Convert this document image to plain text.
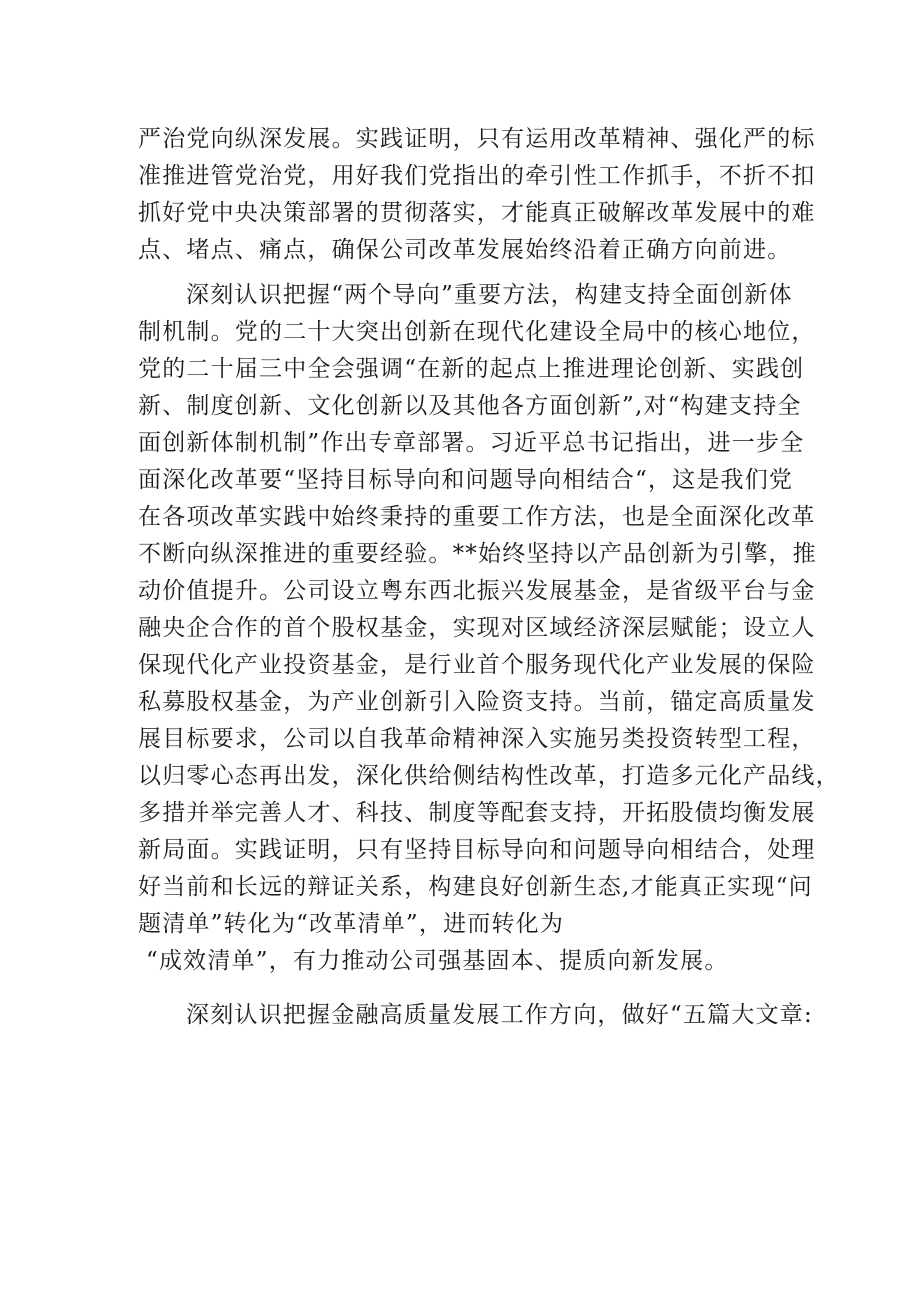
严治党向纵深发展。实践证明，只有运用改革精神、强化严的标
准推进管党治党，用好我们党指出的牵引性工作抓手，不折不扣
抓好党中央决策部署的贯彻落实，才能真正破解改革发展中的难
点、堵点、痛点，确保公司改革发展始终沿着正确方向前进。
深刻认识把握“两个导向”重要方法，构建支持全面创新体
制机制。党的二十大突出创新在现代化建设全局中的核心地位，
党的二十届三中全会强调“在新的起点上推进理论创新、实践创
新、制度创新、文化创新以及其他各方面创新”,对“构建支持全
面创新体制机制”作出专章部署。习近平总书记指出，进一步全
面深化改革要“坚持目标导向和问题导向相结合“，这是我们党
在各项改革实践中始终秉持的重要工作方法，也是全面深化改革
不断向纵深推进的重要经验。**始终坚持以产品创新为引擎，推
动价值提升。公司设立粤东西北振兴发展基金，是省级平台与金
融央企合作的首个股权基金，实现对区域经济深层赋能；设立人
保现代化产业投资基金，是行业首个服务现代化产业发展的保险
私募股权基金，为产业创新引入险资支持。当前，锚定高质量发
展目标要求，公司以自我革命精神深入实施另类投资转型工程，
以归零心态再出发，深化供给侧结构性改革，打造多元化产品线，
多措并举完善人才、科技、制度等配套支持，开拓股债均衡发展
新局面。实践证明，只有坚持目标导向和问题导向相结合，处理
好当前和长远的辩证关系，构建良好创新生态,才能真正实现“问
题清单”转化为“改革清单”，进而转化为
“成效清单”，有力推动公司强基固本、提质向新发展。
深刻认识把握金融高质量发展工作方向，做好“五篇大文章:
